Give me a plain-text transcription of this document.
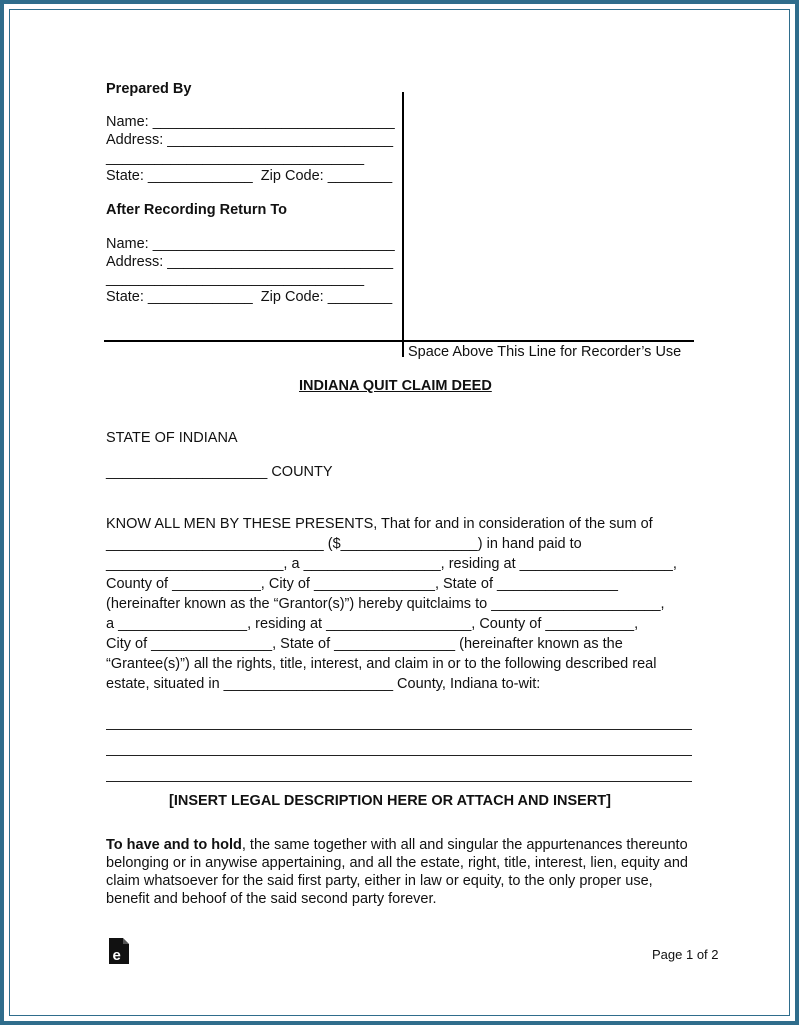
Prepared By
Name: ______________________________
Address: ____________________________
________________________________
State: _____________  Zip Code: ________
After Recording Return To
Name: ______________________________
Address: ____________________________
________________________________
State: _____________  Zip Code: ________
Space Above This Line for Recorder’s Use
INDIANA QUIT CLAIM DEED
STATE OF INDIANA
____________________ COUNTY
KNOW ALL MEN BY THESE PRESENTS, That for and in consideration of the sum of
___________________________ ($_________________) in hand paid to
______________________, a _________________, residing at ___________________,
County of ___________, City of _______________, State of _______________
(hereinafter known as the “Grantor(s)”) hereby quitclaims to _____________________,
a ________________, residing at __________________, County of ___________,
City of _______________, State of _______________ (hereinafter known as the
“Grantee(s)”) all the rights, title, interest, and claim in or to the following described real
estate, situated in _____________________ County, Indiana to-wit:
[INSERT LEGAL DESCRIPTION HERE OR ATTACH AND INSERT]
To have and to hold, the same together with all and singular the appurtenances thereunto belonging or in anywise appertaining, and all the estate, right, title, interest, lien, equity and claim whatsoever for the said first party, either in law or equity, to the only proper use, benefit and behoof of the said second party forever.
e	Page 1 of 2
